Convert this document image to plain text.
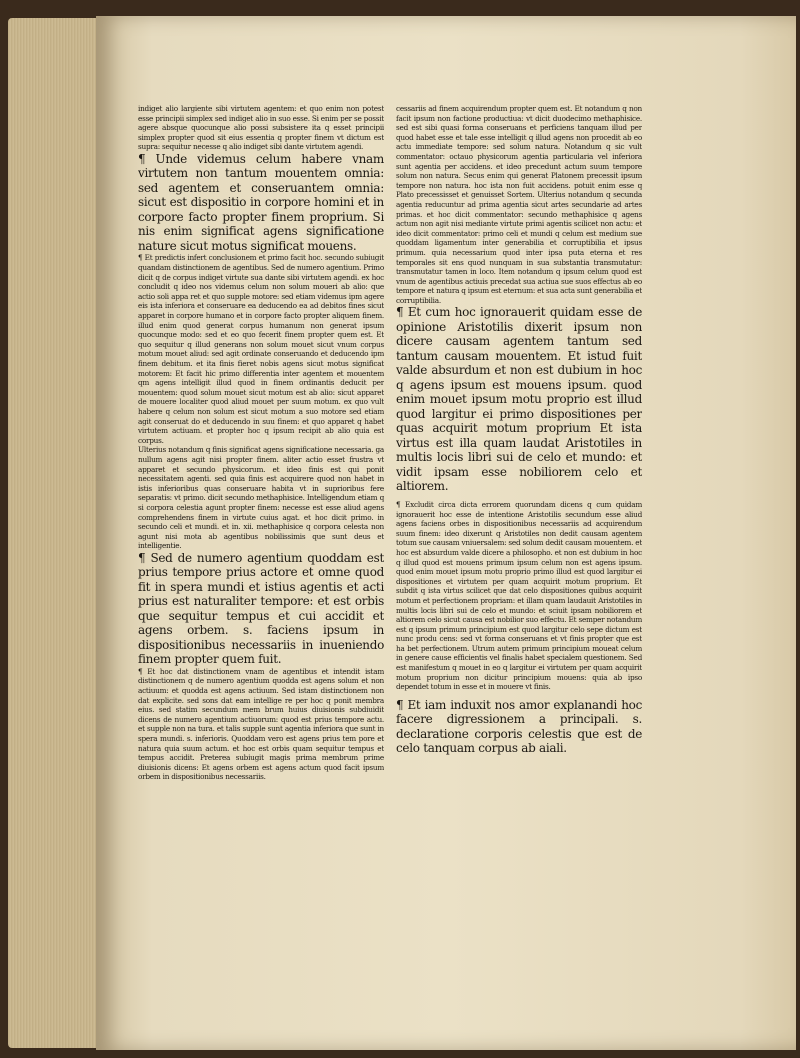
indiget alio largiente sibi virtutem agentem: et quo enim non potest esse principii simplex sed indiget alio in suo esse. Si enim per se possit agere absque quocunque alio possi subsistere ita q esset principii simplex propter quod sit eius essentia q propter finem vt dictum est supra: sequitur necesse q alio indiget sibi dante virtutem agendi.

¶ Unde videmus celum habere vnam virtutem non tantum mouentem omnia: sed agentem et conseruantem omnia: sicut est dispositio in corpore homini et in corpore facto propter finem proprium. Si nis enim significat agens significatione nature sicut motus significat mouens.

¶ Et predictis infert conclusionem et primo facit hoc. secundo subiugit quandam distinctionem de agentibus. Sed de numero agentium. Primo dicit q de corpus indiget virtute sua dante sibi virtutem agendi. ex hoc concludit q ideo nos videmus celum non solum moueri ab alio: que actio soli appa ret et quo supple motore: sed etiam videmus ipm agere eis ista inferiora et conseruare ea deducendo ea ad debitos fines sicut apparet in corpore humano et in corpore facto propter aliquem finem. illud enim quod generat corpus humanum non generat ipsum quocunque modo: sed et eo quo fecerit finem propter quem est. Et quo sequitur q illud generans non solum mouet sicut vnum corpus motum mouet aliud: sed agit ordinate conseruando et deducendo ipm finem debitum. et ita finis fieret nobis agens sicut motus significat motorem: Et facit hic primo differentia inter agentem et mouentem qm agens intelligit illud quod in finem ordinantis deducit per mouentem: quod solum mouet sicut motum est ab alio: sicut apparet de mouere localiter quod aliud mouet per suum motum. ex quo vult habere q celum non solum est sicut motum a suo motore sed etiam agit conseruat do et deducendo in suu finem: et quo apparet q habet virtutem actiuam. et propter hoc q ipsum recipit ab alio quia est corpus.

Ulterius notandum q finis significat agens significatione necessaria. ga nullum agens agit nisi propter finem. aliter actio esset frustra vt apparet et secundo physicorum. et ideo finis est qui ponit necessitatem agenti. sed quia finis est acquirere quod non habet in istis inferioribus quas conseruare habita vt in suprioribus fere separatis: vt primo. dicit secundo methaphisice. Intelligendum etiam q si corpora celestia agunt propter finem: necesse est esse aliud agens comprehendens finem in virtute cuius agat. et hoc dicit primo. in secundo celi et mundi. et in. xii. methaphisice q corpora celesta non agunt nisi mota ab agentibus nobilissimis que sunt deus et intelligentie.

¶ Sed de numero agentium quoddam est prius tempore prius actore et omne quod fit in spera mundi et istius agentis et acti prius est naturaliter tempore: et est orbis que sequitur tempus et cui accidit et agens orbem. s. faciens ipsum in dispositionibus necessariis in inueniendo finem propter quem fuit.

¶ Et hoc dat distinctionem vnam de agentibus et intendit istam distinctionem q de numero agentium quodda est agens solum et non actiuum: et quodda est agens actiuum. Sed istam distinctionem non dat explicite. sed sons dat eam intellige re per hoc q ponit membra eius. sed statim secundum mem brum huius diuisionis subdiuidit dicens de numero agentium actiuorum: quod est prius tempore actu. et supple non na tura. et talis supple sunt agentia inferiora que sunt in spera mundi. s. inferioris. Quoddam vero est agens prius tem pore et natura quia suum actum. et hoc est orbis quam sequitur tempus et tempus accidit. Preterea subiugit magis prima membrum prime diuisionis dicens: Et agens orbem est agens actum quod facit ipsum orbem in dispositionibus necessariis.

cessariis ad finem acquirendum propter quem est. Et notandum q non facit ipsum non factione productiua: vt dicit duodecimo methaphisice. sed est sibi quasi forma conseruans et perficiens tanquam illud per quod habet esse et tale esse intelligit q illud agens non procedit ab eo actu immediate tempore: sed solum natura. Notandum q sic vult commentator: octauo physicorum agentia particularia vel inferiora sunt agentia per accidens. et ideo precedunt actum suum tempore solum non natura. Secus enim qui generat Platonem precessit ipsum tempore non natura. hoc ista non fuit accidens. potuit enim esse q Plato precessisset et genuisset Sortem. Ulterius notandum q secunda agentia reducuntur ad prima agentia sicut artes secundarie ad artes primas. et hoc dicit commentator: secundo methaphisice q agens actum non agit nisi mediante virtute primi agentis scilicet non actu: et ideo dicit commentator: primo celi et mundi q celum est medium sue quoddam ligamentum inter generabilia et corruptibilia et ipsus primum. quia necessarium quod inter ipsa puta eterna et res temporales sit ens quod nunquam in sua substantia transmutatur: transmutatur tamen in loco. Item notandum q ipsum celum quod est vnum de agentibus actiuis precedat sua actiua sue suos effectus ab eo tempore et natura q ipsum est eternum: et sua acta sunt generabilia et corruptibilia.

¶ Et cum hoc ignorauerit quidam esse de opinione Aristotilis dixerit ipsum non dicere causam agentem tantum sed tantum causam mouentem. Et istud fuit valde absurdum et non est dubium in hoc q agens ipsum est mouens ipsum. quod enim mouet ipsum motu proprio est illud quod largitur ei primo dispositiones per quas acquirit motum proprium Et ista virtus est illa quam laudat Aristotiles in multis locis libri sui de celo et mundo: et vidit ipsam esse nobiliorem celo et altiorem.

¶ Excludit circa dicta errorem quorundam dicens q cum quidam ignorauerit hoc esse de intentione Aristotilis secundum esse aliud agens faciens orbes in dispositionibus necessariis ad acquirendum suum finem: ideo dixerunt q Aristotiles non dedit causam agentem totum sue causam vniuersalem: sed solum dedit causam mouentem. et hoc est absurdum valde dicere a philosopho. et non est dubium in hoc q illud quod est mouens primum ipsum celum non est agens ipsum. quod enim mouet ipsum motu proprio primo illud est quod largitur ei dispositiones et virtutem per quam acquirit motum proprium. Et subdit q ista virtus scilicet que dat celo dispositiones quibus acquirit motum et perfectionem propriam: et illam quam laudauit Aristotiles in multis locis libri sui de celo et mundo: et sciuit ipsam nobiliorem et altiorem celo sicut causa est nobilior suo effectu. Et semper notandum est q ipsum primum principium est quod largitur celo sepe dictum est nunc produ cens: sed vt forma conseruans et vt finis propter que est ha bet perfectionem. Utrum autem primum principium moueat celum in genere cause efficientis vel finalis habet specialem questionem. Sed est manifestum q mouet in eo q largitur ei virtutem per quam acquirit motum proprium non dicitur principium mouens: quia ab ipso dependet totum in esse et in mouere vt finis.

¶ Et iam induxit nos amor explanandi hoc facere digressionem a principali. s. declaratione corporis celestis que est de celo tanquam corpus ab aiali.
